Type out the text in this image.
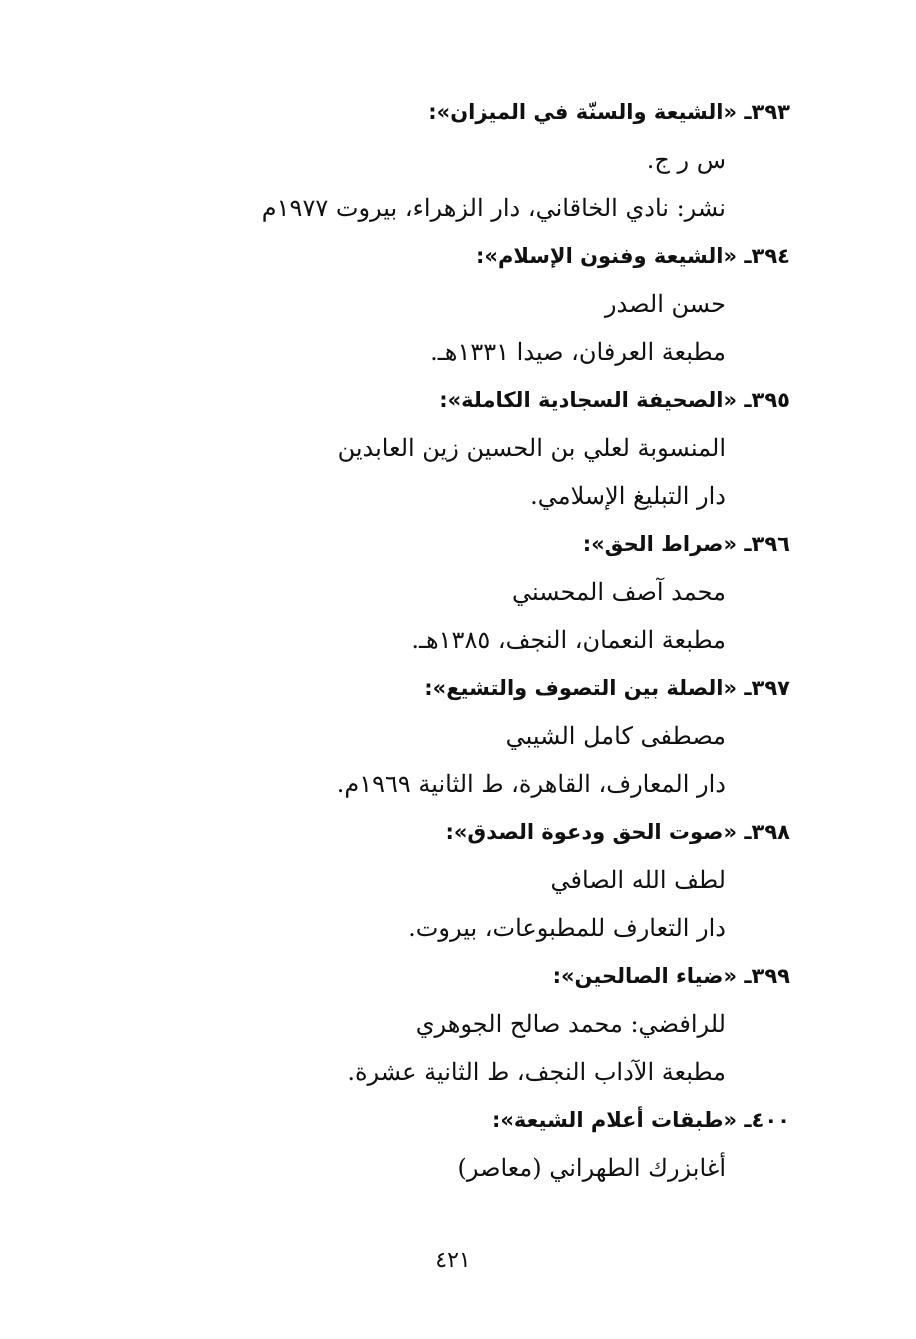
٣٩٣ـ «الشيعة والسنّة في الميزان»:
س ر ج.
نشر: نادي الخاقاني، دار الزهراء، بيروت ١٩٧٧م
٣٩٤ـ «الشيعة وفنون الإسلام»:
حسن الصدر
مطبعة العرفان، صيدا ١٣٣١هـ.
٣٩٥ـ «الصحيفة السجادية الكاملة»:
المنسوبة لعلي بن الحسين زين العابدين
دار التبليغ الإسلامي.
٣٩٦ـ «صراط الحق»:
محمد آصف المحسني
مطبعة النعمان، النجف، ١٣٨٥هـ.
٣٩٧ـ «الصلة بين التصوف والتشيع»:
مصطفى كامل الشيبي
دار المعارف، القاهرة، ط الثانية ١٩٦٩م.
٣٩٨ـ «صوت الحق ودعوة الصدق»:
لطف الله الصافي
دار التعارف للمطبوعات، بيروت.
٣٩٩ـ «ضياء الصالحين»:
للرافضي: محمد صالح الجوهري
مطبعة الآداب النجف، ط الثانية عشرة.
٤٠٠ـ «طبقات أعلام الشيعة»:
أغابزرك الطهراني (معاصر)
٤٢١
